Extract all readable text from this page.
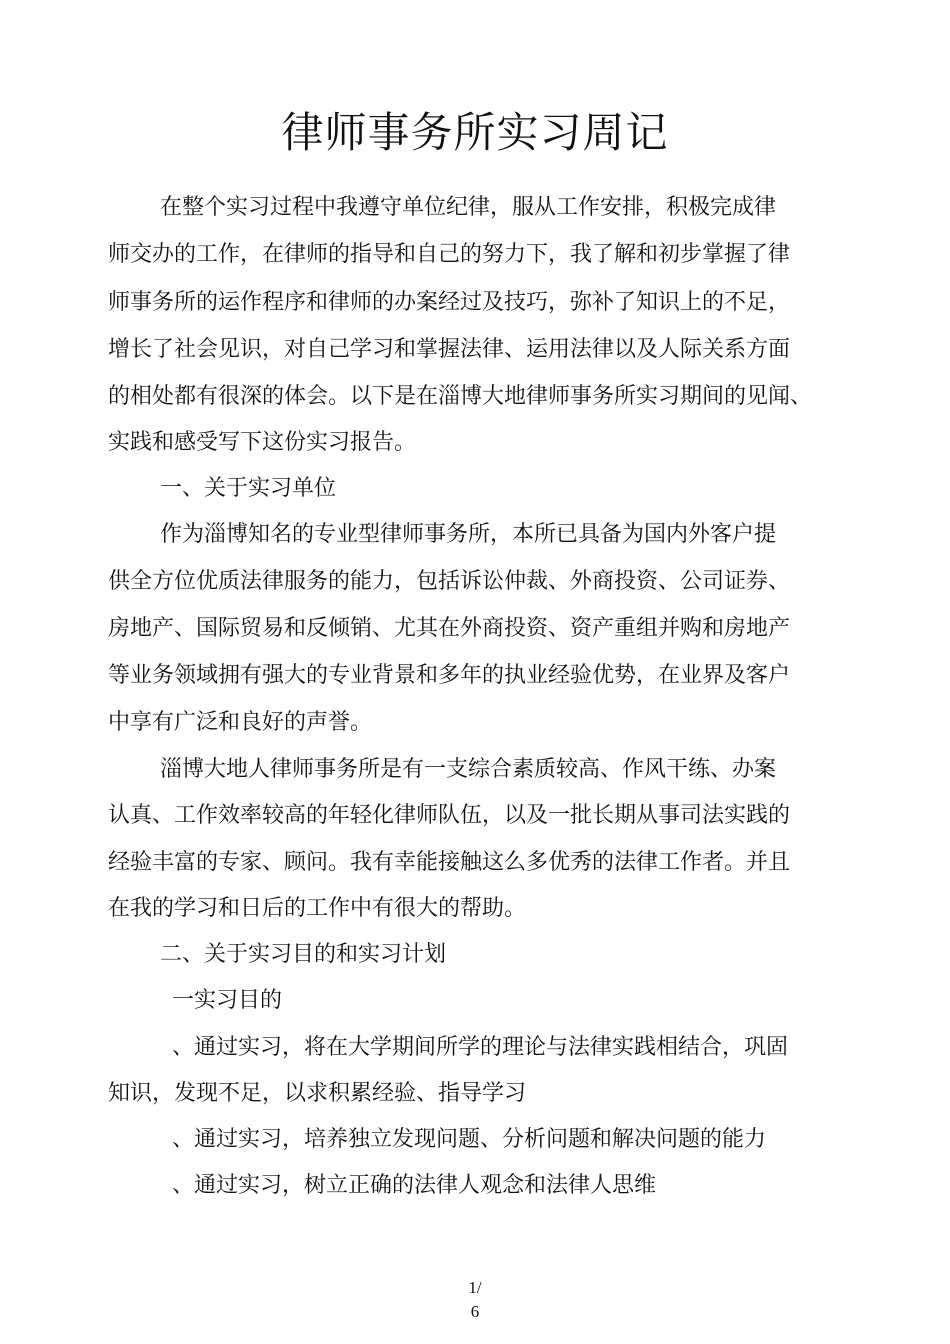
律师事务所实习周记
在整个实习过程中我遵守单位纪律，服从工作安排，积极完成律
师交办的工作，在律师的指导和自己的努力下，我了解和初步掌握了律
师事务所的运作程序和律师的办案经过及技巧，弥补了知识上的不足，
增长了社会见识，对自己学习和掌握法律、运用法律以及人际关系方面
的相处都有很深的体会。以下是在淄博大地律师事务所实习期间的见闻、
实践和感受写下这份实习报告。
一、关于实习单位
作为淄博知名的专业型律师事务所，本所已具备为国内外客户提
供全方位优质法律服务的能力，包括诉讼仲裁、外商投资、公司证券、
房地产、国际贸易和反倾销、尤其在外商投资、资产重组并购和房地产
等业务领域拥有强大的专业背景和多年的执业经验优势，在业界及客户
中享有广泛和良好的声誉。
淄博大地人律师事务所是有一支综合素质较高、作风干练、办案
认真、工作效率较高的年轻化律师队伍，以及一批长期从事司法实践的
经验丰富的专家、顾问。我有幸能接触这么多优秀的法律工作者。并且
在我的学习和日后的工作中有很大的帮助。
二、关于实习目的和实习计划
一实习目的
、通过实习，将在大学期间所学的理论与法律实践相结合，巩固
知识，发现不足，以求积累经验、指导学习
、通过实习，培养独立发现问题、分析问题和解决问题的能力
、通过实习，树立正确的法律人观念和法律人思维
1/
6
